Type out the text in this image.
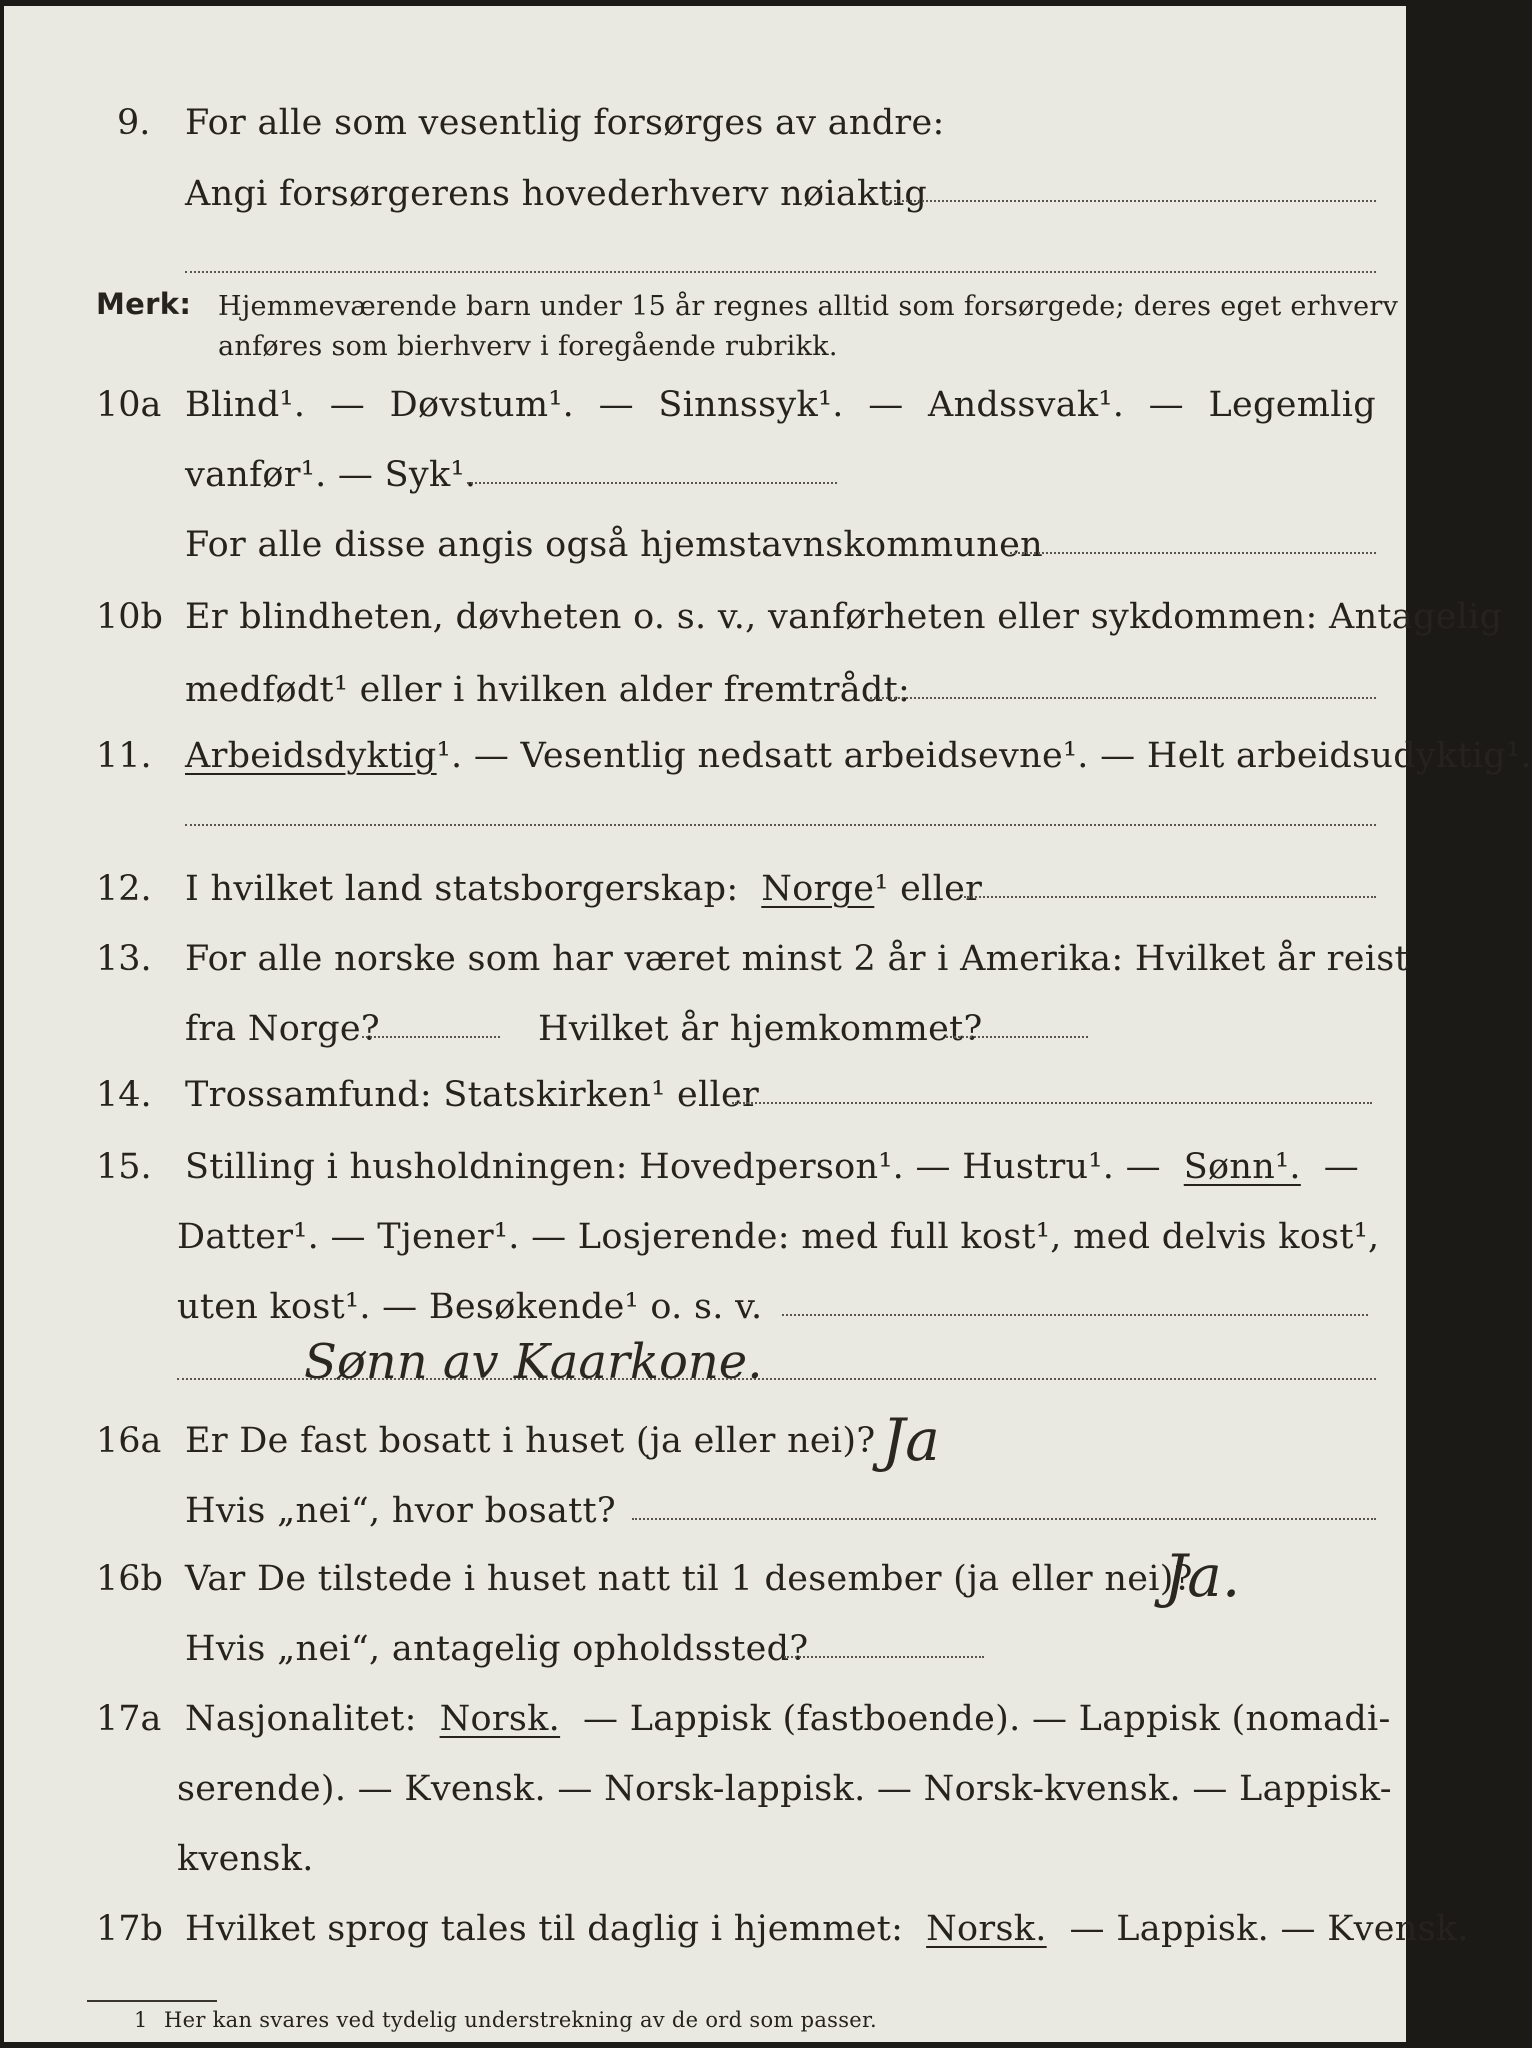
9. For alle som vesentlig forsørges av andre:
Angi forsørgerens hovederhverv nøiaktig
Merk: Hjemmeværende barn under 15 år regnes alltid som forsørgede; deres eget erhverv
anføres som bierhverv i foregående rubrikk.
10a Blind¹. — Døvstum¹. — Sinnssyk¹. — Andssvak¹. — Legemlig
vanfør¹. — Syk¹.
For alle disse angis også hjemstavnskommunen
10b Er blindheten, døvheten o. s. v., vanførheten eller sykdommen: Antagelig
medfødt¹ eller i hvilken alder fremtrådt:
11. Arbeidsdyktig¹. — Vesentlig nedsatt arbeidsevne¹. — Helt arbeidsudyktig¹.
12. I hvilket land statsborgerskap: Norge¹ eller
13. For alle norske som har været minst 2 år i Amerika: Hvilket år reist
fra Norge?	Hvilket år hjemkommet?
14. Trossamfund: Statskirken¹ eller
15. Stilling i husholdningen: Hovedperson¹. — Hustru¹. — Sønn¹. —
Datter¹. — Tjener¹. — Losjerende: med full kost¹, med delvis kost¹,
uten kost¹. — Besøkende¹ o. s. v.
Sønn av Kaarkone.
16a Er De fast bosatt i huset (ja eller nei)? Ja
Hvis „nei“, hvor bosatt?
16b Var De tilstede i huset natt til 1 desember (ja eller nei)?
Ja.
Hvis „nei“, antagelig opholdssted?
17a Nasjonalitet:
Norsk.
— Lappisk (fastboende). — Lappisk (nomadi-
serende). — Kvensk. — Norsk-lappisk. — Norsk-kvensk. — Lappisk-
kvensk.
17b Hvilket sprog tales til daglig i hjemmet: Norsk. — Lappisk. — Kvensk.
1 Her kan svares ved tydelig understrekning av de ord som passer.
